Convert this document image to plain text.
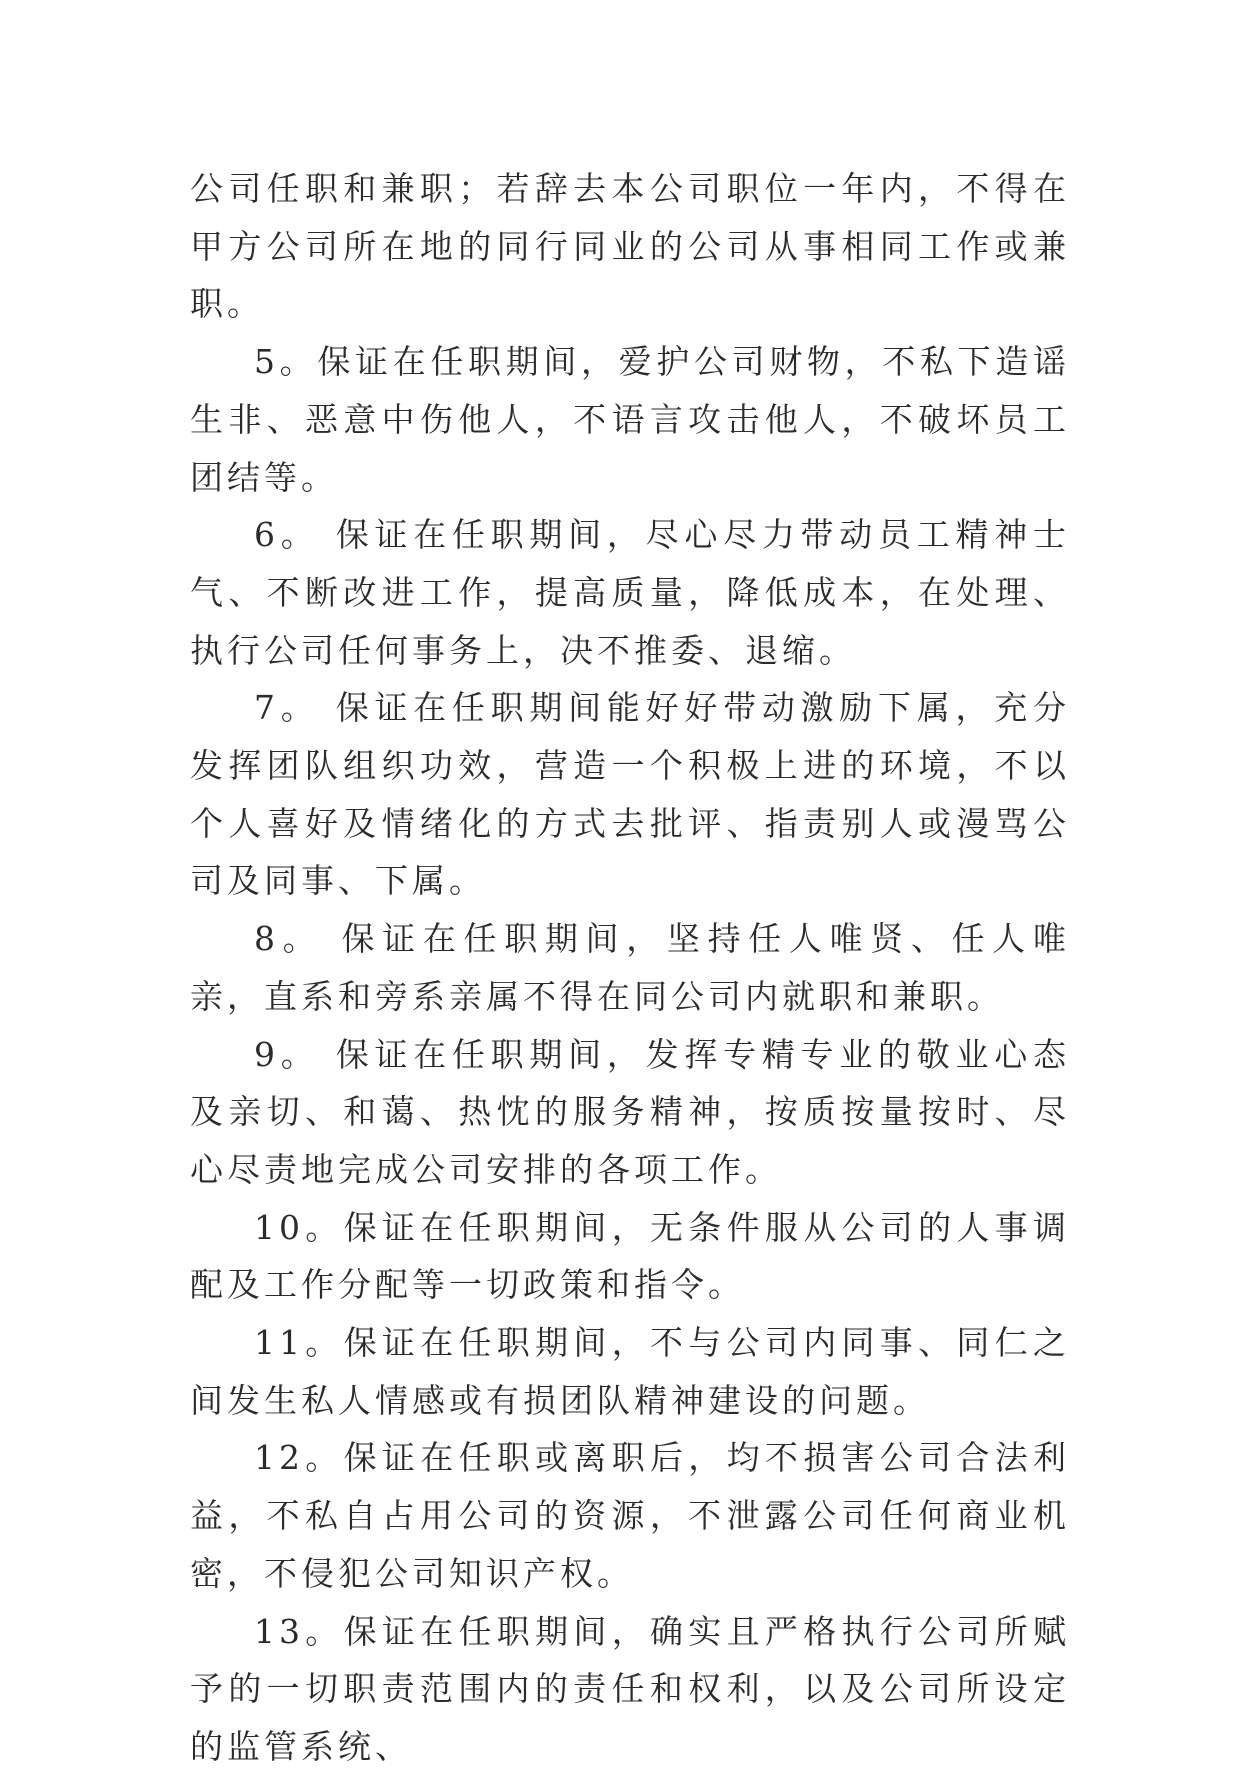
公司任职和兼职；若辞去本公司职位一年内，不得在甲方公司所在地的同行同业的公司从事相同工作或兼职。

5。保证在任职期间，爱护公司财物，不私下造谣生非、恶意中伤他人，不语言攻击他人，不破坏员工团结等。

6。 保证在任职期间，尽心尽力带动员工精神士气、不断改进工作，提高质量，降低成本，在处理、执行公司任何事务上，决不推委、退缩。

7。 保证在任职期间能好好带动激励下属，充分发挥团队组织功效，营造一个积极上进的环境，不以个人喜好及情绪化的方式去批评、指责别人或漫骂公司及同事、下属。

8。 保证在任职期间，坚持任人唯贤、任人唯亲，直系和旁系亲属不得在同公司内就职和兼职。

9。 保证在任职期间，发挥专精专业的敬业心态及亲切、和蔼、热忱的服务精神，按质按量按时、尽心尽责地完成公司安排的各项工作。

10。保证在任职期间，无条件服从公司的人事调配及工作分配等一切政策和指令。

11。保证在任职期间，不与公司内同事、同仁之间发生私人情感或有损团队精神建设的问题。

12。保证在任职或离职后，均不损害公司合法利益，不私自占用公司的资源，不泄露公司任何商业机密，不侵犯公司知识产权。

13。保证在任职期间，确实且严格执行公司所赋予的一切职责范围内的责任和权利，以及公司所设定的监管系统、
